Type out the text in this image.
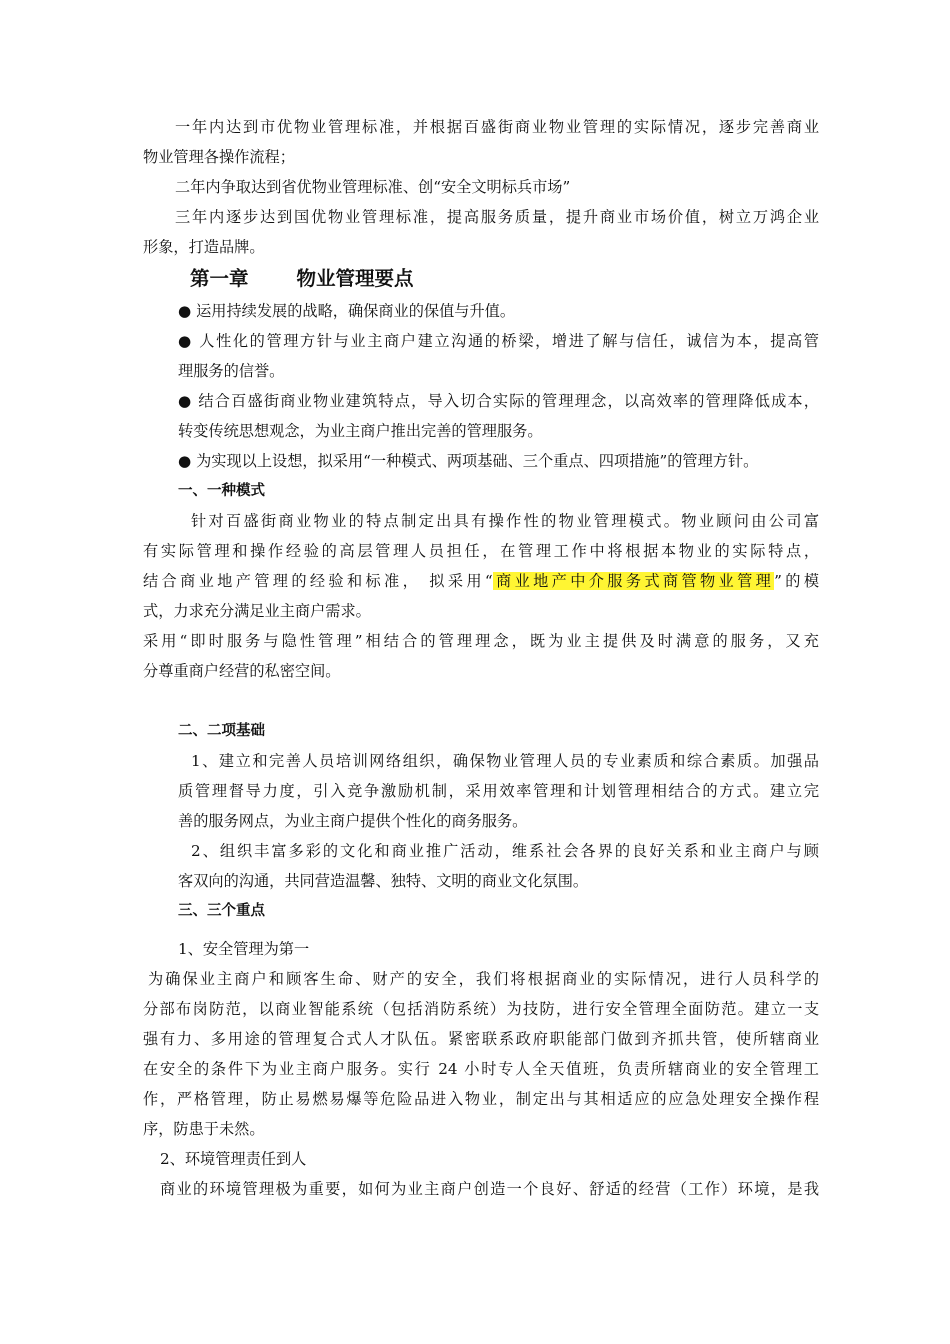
一年内达到市优物业管理标准，并根据百盛街商业物业管理的实际情况，逐步完善商业
物业管理各操作流程；
二年内争取达到省优物业管理标准、创“安全文明标兵市场”
三年内逐步达到国优物业管理标准，提高服务质量，提升商业市场价值，树立万鸿企业
形象，打造品牌。
第一章 物业管理要点
● 运用持续发展的战略，确保商业的保值与升值。
● 人性化的管理方针与业主商户建立沟通的桥梁，增进了解与信任，诚信为本，提高管
理服务的信誉。
● 结合百盛街商业物业建筑特点，导入切合实际的管理理念，以高效率的管理降低成本，
转变传统思想观念，为业主商户推出完善的管理服务。
● 为实现以上设想，拟采用“一种模式、两项基础、三个重点、四项措施”的管理方针。
一、一种模式
针对百盛街商业物业的特点制定出具有操作性的物业管理模式。物业顾问由公司富
有实际管理和操作经验的高层管理人员担任，在管理工作中将根据本物业的实际特点，
结合商业地产管理的经验和标准， 拟采用“商业地产中介服务式商管物业管理”的模
式，力求充分满足业主商户需求。
采用“即时服务与隐性管理”相结合的管理理念，既为业主提供及时满意的服务，又充
分尊重商户经营的私密空间。
二、二项基础
1、建立和完善人员培训网络组织，确保物业管理人员的专业素质和综合素质。加强品
质管理督导力度，引入竞争激励机制，采用效率管理和计划管理相结合的方式。建立完
善的服务网点，为业主商户提供个性化的商务服务。
2、组织丰富多彩的文化和商业推广活动，维系社会各界的良好关系和业主商户与顾
客双向的沟通，共同营造温馨、独特、文明的商业文化氛围。
三、三个重点
1、安全管理为第一
为确保业主商户和顾客生命、财产的安全，我们将根据商业的实际情况，进行人员科学的
分部布岗防范，以商业智能系统（包括消防系统）为技防，进行安全管理全面防范。建立一支
强有力、多用途的管理复合式人才队伍。紧密联系政府职能部门做到齐抓共管，使所辖商业
在安全的条件下为业主商户服务。实行 24 小时专人全天值班，负责所辖商业的安全管理工
作，严格管理，防止易燃易爆等危险品进入物业，制定出与其相适应的应急处理安全操作程
序，防患于未然。
2、环境管理责任到人
商业的环境管理极为重要，如何为业主商户创造一个良好、舒适的经营（工作）环境，是我
